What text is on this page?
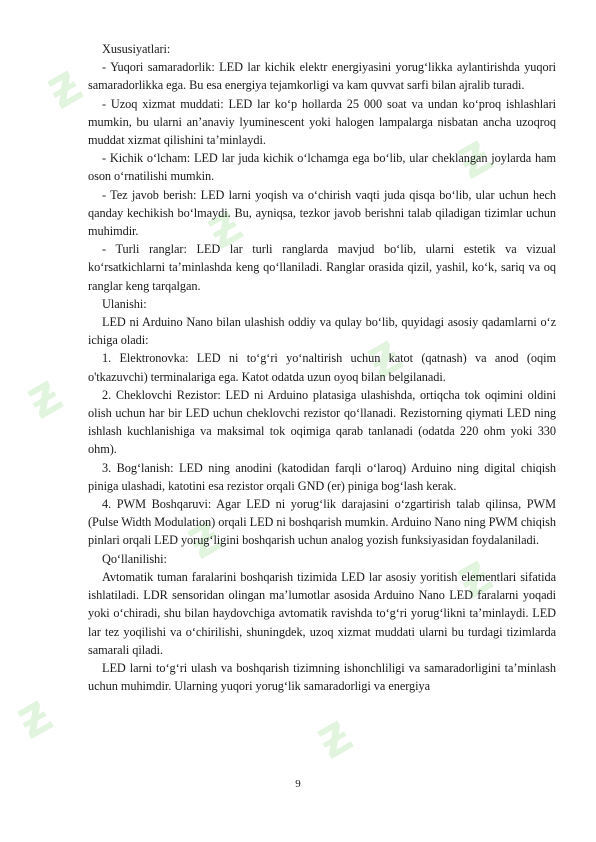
ƶ
ƶ
ƶ
ƶ
ƶ
ƶ
ƶ	ƶ
ƶ

Xususiyatlari:

- Yuqori samaradorlik: LED lar kichik elektr energiyasini yorug‘likka aylantirishda yuqori samaradorlikka ega. Bu esa energiya tejamkorligi va kam quvvat sarfi bilan ajralib turadi.

- Uzoq xizmat muddati: LED lar ko‘p hollarda 25 000 soat va undan ko‘proq ishlashlari mumkin, bu ularni an’anaviy lyuminescent yoki halogen lampalarga nisbatan ancha uzoqroq muddat xizmat qilishini ta’minlaydi.

- Kichik o‘lcham: LED lar juda kichik o‘lchamga ega bo‘lib, ular cheklangan joylarda ham oson o‘rnatilishi mumkin.

- Tez javob berish: LED larni yoqish va o‘chirish vaqti juda qisqa bo‘lib, ular uchun hech qanday kechikish bo‘lmaydi. Bu, ayniqsa, tezkor javob berishni talab qiladigan tizimlar uchun muhimdir.

- Turli ranglar: LED lar turli ranglarda mavjud bo‘lib, ularni estetik va vizual ko‘rsatkichlarni ta’minlashda keng qo‘llaniladi. Ranglar orasida qizil, yashil, ko‘k, sariq va oq ranglar keng tarqalgan.

Ulanishi:

LED ni Arduino Nano bilan ulashish oddiy va qulay bo‘lib, quyidagi asosiy qadamlarni o‘z ichiga oladi:

1. Elektronovka: LED ni to‘g‘ri yo‘naltirish uchun katot (qatnash) va anod (oqim o'tkazuvchi) terminalariga ega. Katot odatda uzun oyoq bilan belgilanadi.

2. Cheklovchi Rezistor: LED ni Arduino platasiga ulashishda, ortiqcha tok oqimini oldini olish uchun har bir LED uchun cheklovchi rezistor qo‘llanadi. Rezistorning qiymati LED ning ishlash kuchlanishiga va maksimal tok oqimiga qarab tanlanadi (odatda 220 ohm yoki 330 ohm).

3. Bog‘lanish: LED ning anodini (katodidan farqli o‘laroq) Arduino ning digital chiqish piniga ulashadi, katotini esa rezistor orqali GND (er) piniga bog‘lash kerak.

4. PWM Boshqaruvi: Agar LED ni yorug‘lik darajasini o‘zgartirish talab qilinsa, PWM (Pulse Width Modulation) orqali LED ni boshqarish mumkin. Arduino Nano ning PWM chiqish pinlari orqali LED yorug‘ligini boshqarish uchun analog yozish funksiyasidan foydalaniladi.

Qo‘llanilishi:

Avtomatik tuman faralarini boshqarish tizimida LED lar asosiy yoritish elementlari sifatida ishlatiladi. LDR sensoridan olingan ma’lumotlar asosida Arduino Nano LED faralarni yoqadi yoki o‘chiradi, shu bilan haydovchiga avtomatik ravishda to‘g‘ri yorug‘likni ta’minlaydi. LED lar tez yoqilishi va o‘chirilishi, shuningdek, uzoq xizmat muddati ularni bu turdagi tizimlarda samarali qiladi.

LED larni to‘g‘ri ulash va boshqarish tizimning ishonchliligi va samaradorligini ta’minlash uchun muhimdir. Ularning yuqori yorug‘lik samaradorligi va energiya

9
